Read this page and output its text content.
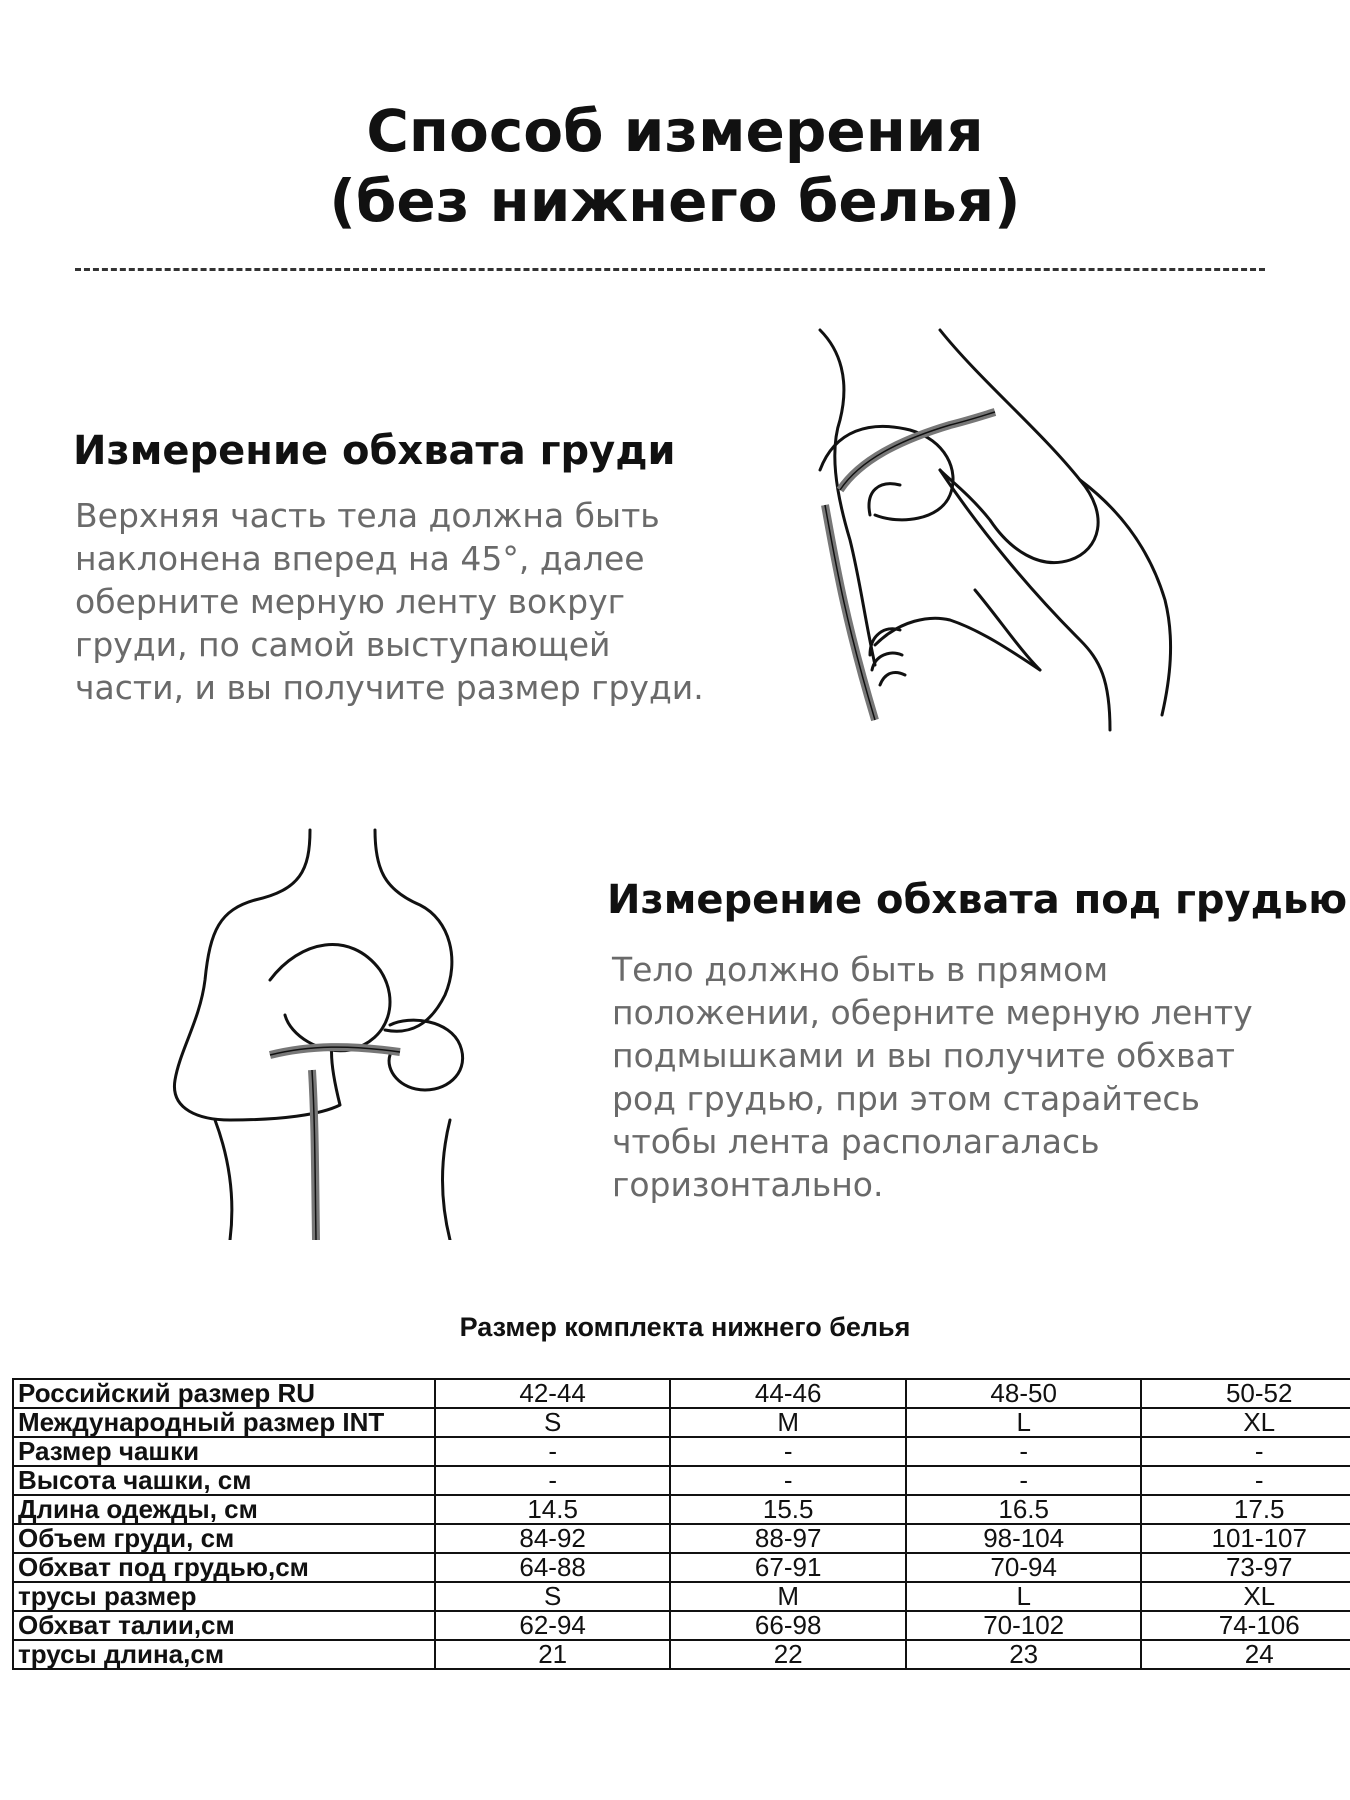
Способ измерения
(без нижнего белья)
Измерение обхвата груди
Верхняя часть тела должна быть
наклонена вперед на 45°, далее
оберните мерную ленту вокруг
груди, по самой выступающей
части, и вы получите размер груди.
Измерение обхвата под грудью
Тело должно быть в прямом
положении, оберните мерную ленту
подмышками и вы получите обхват
род грудью, при этом старайтесь
чтобы лента располагалась
горизонтально.
Размер комплекта нижнего белья
Российский размер RU	42-44	44-46	48-50	50-52
Международный размер INT	S	M	L	XL
Размер чашки	-	-	-	-
Высота чашки, см	-	-	-	-
Длина одежды, см	14.5	15.5	16.5	17.5
Объем груди, см	84-92	88-97	98-104	101-107
Обхват под грудью,см	64-88	67-91	70-94	73-97
трусы размер	S	M	L	XL
Обхват талии,см	62-94	66-98	70-102	74-106
трусы длина,см	21	22	23	24
